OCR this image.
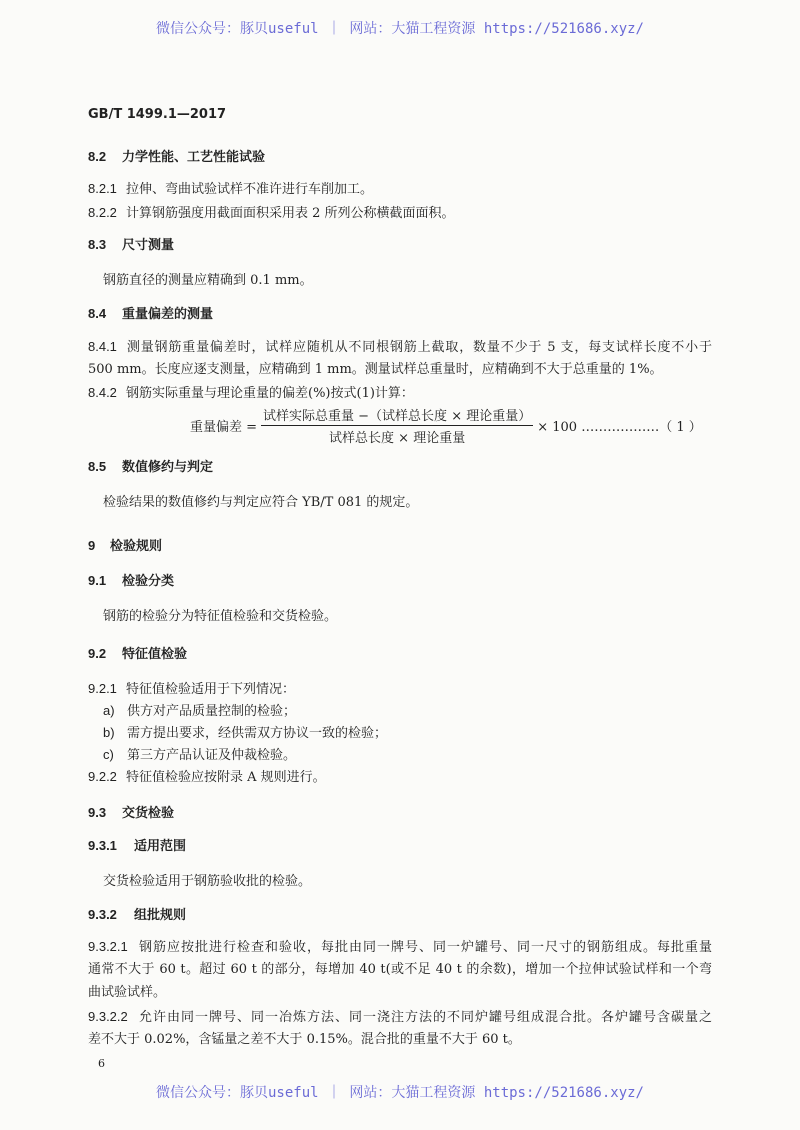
微信公众号：豚贝useful ｜ 网站：大猫工程资源 https://521686.xyz/
GB/T 1499.1—2017
8.2 力学性能、工艺性能试验
8.2.1 拉伸、弯曲试验试样不准许进行车削加工。
8.2.2 计算钢筋强度用截面面积采用表 2 所列公称横截面面积。
8.3 尺寸测量
钢筋直径的测量应精确到 0.1 mm。
8.4 重量偏差的测量
8.4.1 测量钢筋重量偏差时，试样应随机从不同根钢筋上截取，数量不少于 5 支，每支试样长度不小于
500 mm。长度应逐支测量，应精确到 1 mm。测量试样总重量时，应精确到不大于总重量的 1%。
8.4.2 钢筋实际重量与理论重量的偏差(%)按式(1)计算：
重量偏差 =
试样实际总重量 −（试样总长度 × 理论重量）
试样总长度 × 理论重量
× 100 ………………（ 1 ）
8.5 数值修约与判定
检验结果的数值修约与判定应符合 YB/T 081 的规定。
9 检验规则
9.1 检验分类
钢筋的检验分为特征值检验和交货检验。
9.2 特征值检验
9.2.1 特征值检验适用于下列情况：
a) 供方对产品质量控制的检验；
b) 需方提出要求，经供需双方协议一致的检验；
c) 第三方产品认证及仲裁检验。
9.2.2 特征值检验应按附录 A 规则进行。
9.3 交货检验
9.3.1 适用范围
交货检验适用于钢筋验收批的检验。
9.3.2 组批规则
9.3.2.1 钢筋应按批进行检查和验收，每批由同一牌号、同一炉罐号、同一尺寸的钢筋组成。每批重量
通常不大于 60 t。超过 60 t 的部分，每增加 40 t(或不足 40 t 的余数)，增加一个拉伸试验试样和一个弯
曲试验试样。
9.3.2.2 允许由同一牌号、同一冶炼方法、同一浇注方法的不同炉罐号组成混合批。各炉罐号含碳量之
差不大于 0.02%，含锰量之差不大于 0.15%。混合批的重量不大于 60 t。
6
微信公众号：豚贝useful ｜ 网站：大猫工程资源 https://521686.xyz/
